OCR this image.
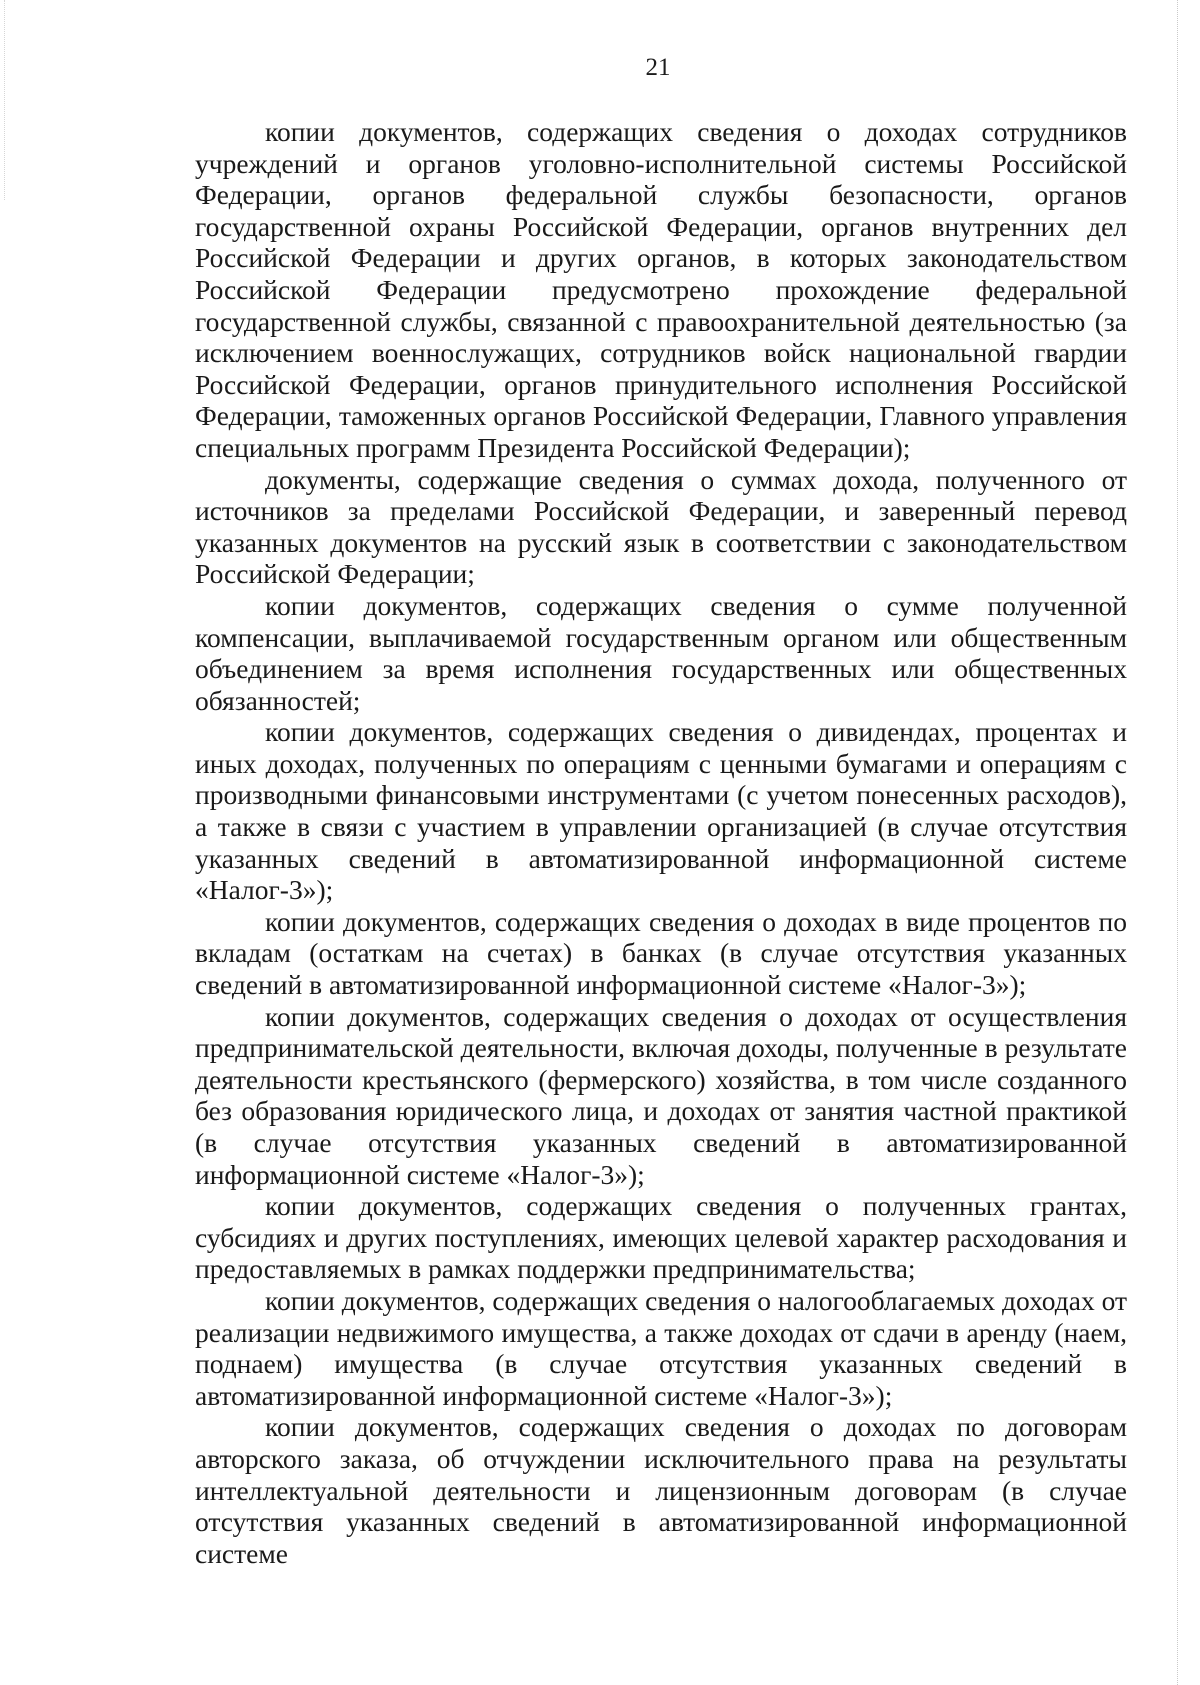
21

копии документов, содержащих сведения о доходах сотрудников учреждений и органов уголовно-исполнительной системы Российской Федерации, органов федеральной службы безопасности, органов государственной охраны Российской Федерации, органов внутренних дел Российской Федерации и других органов, в которых законодательством Российской Федерации предусмотрено прохождение федеральной государственной службы, связанной с правоохранительной деятельностью (за исключением военнослужащих, сотрудников войск национальной гвардии Российской Федерации, органов принудительного исполнения Российской Федерации, таможенных органов Российской Федерации, Главного управления специальных программ Президента Российской Федерации);

документы, содержащие сведения о суммах дохода, полученного от источников за пределами Российской Федерации, и заверенный перевод указанных документов на русский язык в соответствии с законодательством Российской Федерации;

копии документов, содержащих сведения о сумме полученной компенсации, выплачиваемой государственным органом или общественным объединением за время исполнения государственных или общественных обязанностей;

копии документов, содержащих сведения о дивидендах, процентах и иных доходах, полученных по операциям с ценными бумагами и операциям с производными финансовыми инструментами (с учетом понесенных расходов), а также в связи с участием в управлении организацией (в случае отсутствия указанных сведений в автоматизированной информационной системе «Налог-3»);

копии документов, содержащих сведения о доходах в виде процентов по вкладам (остаткам на счетах) в банках (в случае отсутствия указанных сведений в автоматизированной информационной системе «Налог-3»);

копии документов, содержащих сведения о доходах от осуществления предпринимательской деятельности, включая доходы, полученные в результате деятельности крестьянского (фермерского) хозяйства, в том числе созданного без образования юридического лица, и доходах от занятия частной практикой (в случае отсутствия указанных сведений в автоматизированной информационной системе «Налог-3»);

копии документов, содержащих сведения о полученных грантах, субсидиях и других поступлениях, имеющих целевой характер расходования и предоставляемых в рамках поддержки предпринимательства;

копии документов, содержащих сведения о налогооблагаемых доходах от реализации недвижимого имущества, а также доходах от сдачи в аренду (наем, поднаем) имущества (в случае отсутствия указанных сведений в автоматизированной информационной системе «Налог-3»);

копии документов, содержащих сведения о доходах по договорам авторского заказа, об отчуждении исключительного права на результаты интеллектуальной деятельности и лицензионным договорам (в случае отсутствия указанных сведений в автоматизированной информационной системе
